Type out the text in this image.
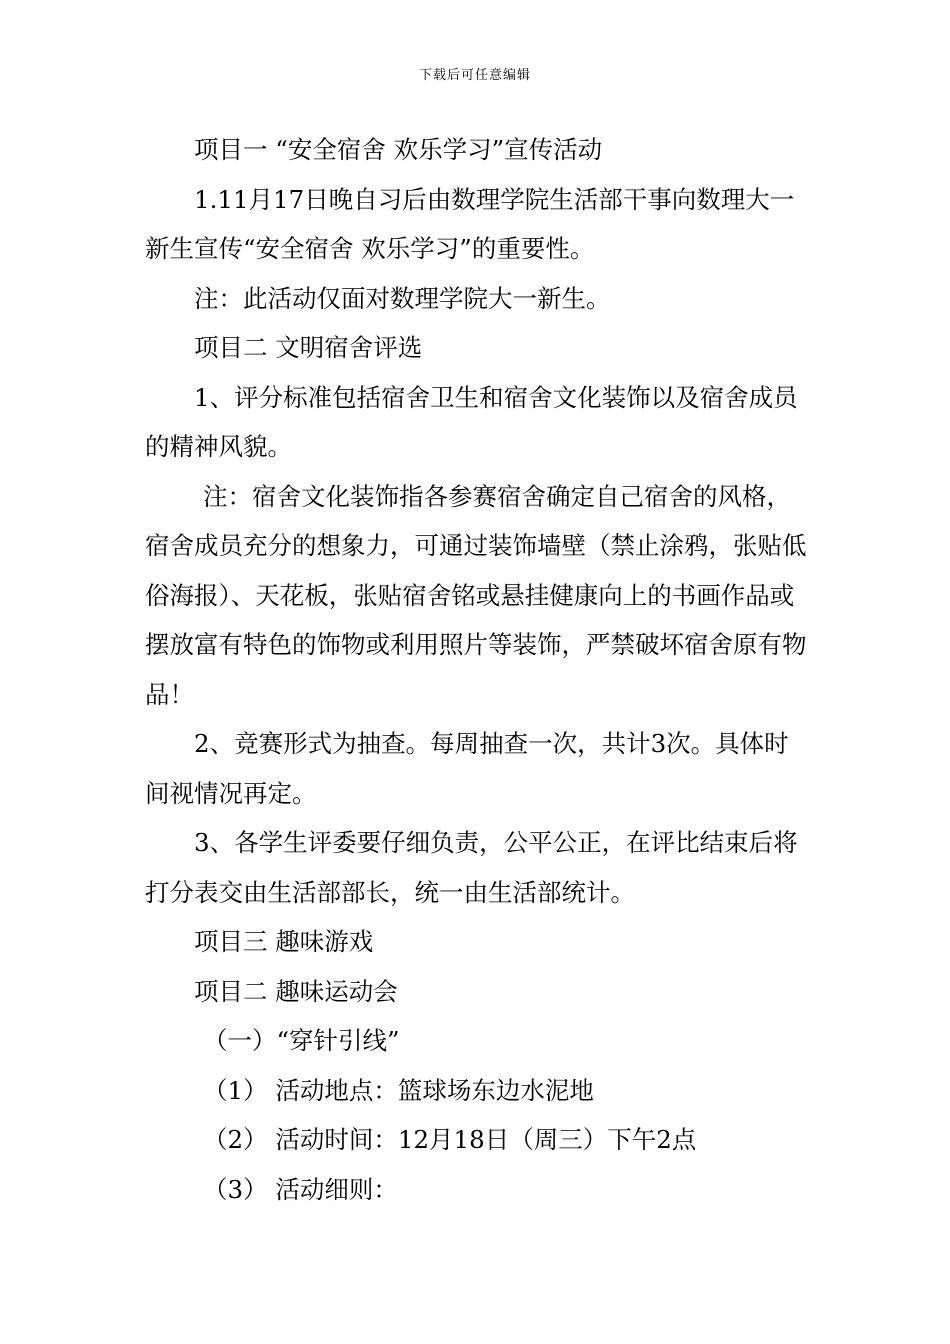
下载后可任意编辑

项目一 “安全宿舍 欢乐学习”宣传活动

1.11月17日晚自习后由数理学院生活部干事向数理大一新生宣传“安全宿舍 欢乐学习”的重要性。

注：此活动仅面对数理学院大一新生。

项目二 文明宿舍评选

1、评分标准包括宿舍卫生和宿舍文化装饰以及宿舍成员的精神风貌。

注：宿舍文化装饰指各参赛宿舍确定自己宿舍的风格，宿舍成员充分的想象力，可通过装饰墙壁（禁止涂鸦，张贴低俗海报）、天花板，张贴宿舍铭或悬挂健康向上的书画作品或摆放富有特色的饰物或利用照片等装饰，严禁破坏宿舍原有物品！

2、竞赛形式为抽查。每周抽查一次，共计3次。具体时间视情况再定。

3、各学生评委要仔细负责，公平公正，在评比结束后将打分表交由生活部部长，统一由生活部统计。

项目三 趣味游戏

项目二 趣味运动会

（一）“穿针引线”

（1） 活动地点：篮球场东边水泥地

（2） 活动时间：12月18日（周三）下午2点

（3） 活动细则：
